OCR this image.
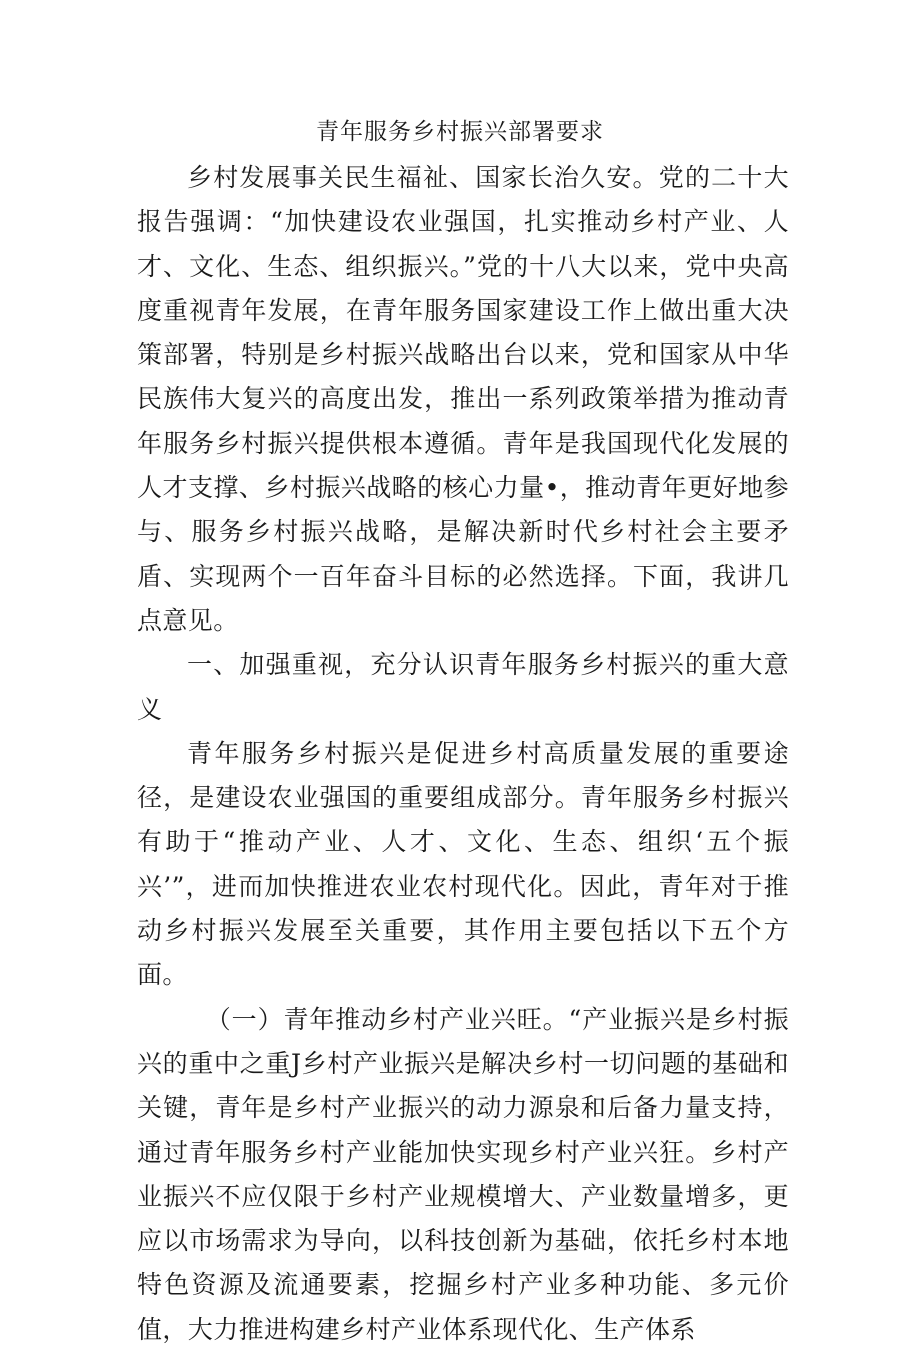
青年服务乡村振兴部署要求

乡村发展事关民生福祉、国家长治久安。党的二十大报告强调：“加快建设农业强国，扎实推动乡村产业、人才、文化、生态、组织振兴。”党的十八大以来，党中央高度重视青年发展，在青年服务国家建设工作上做出重大决策部署，特别是乡村振兴战略出台以来，党和国家从中华民族伟大复兴的高度出发，推出一系列政策举措为推动青年服务乡村振兴提供根本遵循。青年是我国现代化发展的人才支撑、乡村振兴战略的核心力量•，推动青年更好地参与、服务乡村振兴战略，是解决新时代乡村社会主要矛盾、实现两个一百年奋斗目标的必然选择。下面，我讲几点意见。

一、加强重视，充分认识青年服务乡村振兴的重大意义

青年服务乡村振兴是促进乡村高质量发展的重要途径，是建设农业强国的重要组成部分。青年服务乡村振兴有助于“推动产业、人才、文化、生态、组织‘五个振兴’”，进而加快推进农业农村现代化。因此，青年对于推动乡村振兴发展至关重要，其作用主要包括以下五个方面。

（一）青年推动乡村产业兴旺。“产业振兴是乡村振兴的重中之重J乡村产业振兴是解决乡村一切问题的基础和关键，青年是乡村产业振兴的动力源泉和后备力量支持，通过青年服务乡村产业能加快实现乡村产业兴狂。乡村产业振兴不应仅限于乡村产业规模增大、产业数量增多，更应以市场需求为导向，以科技创新为基础，依托乡村本地特色资源及流通要素，挖掘乡村产业多种功能、多元价值，大力推进构建乡村产业体系现代化、生产体系
